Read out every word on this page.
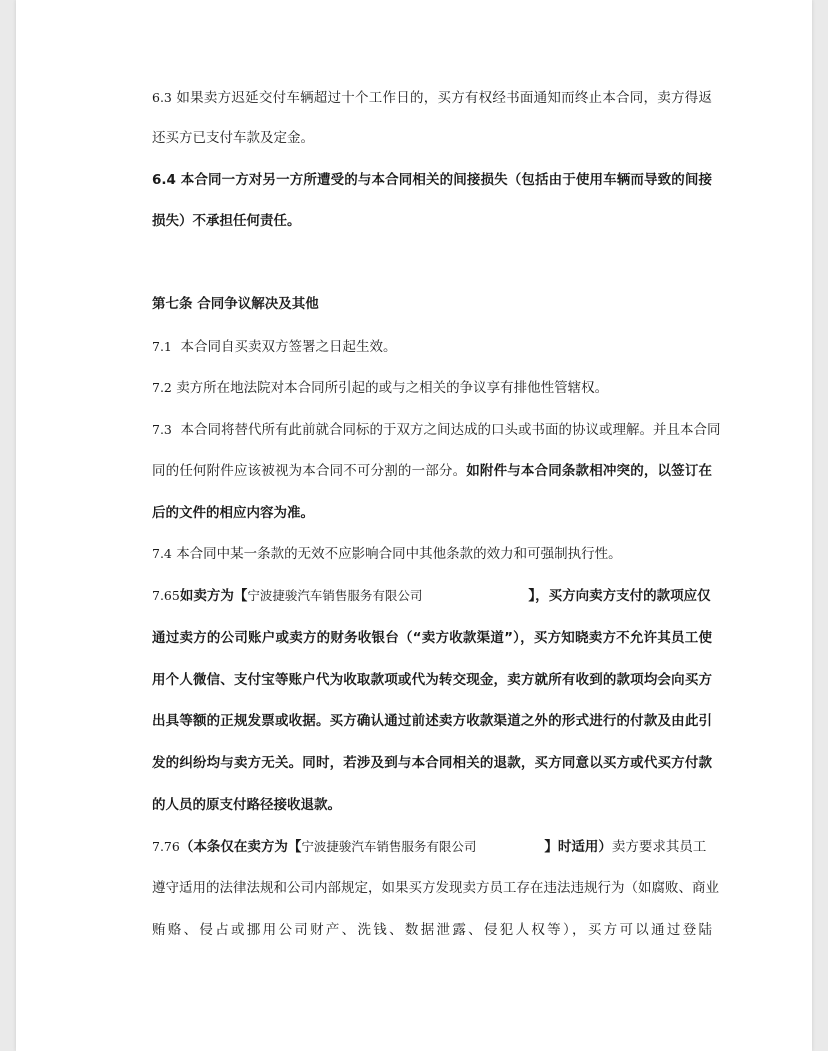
6.3 如果卖方迟延交付车辆超过十个工作日的，买方有权经书面通知而终止本合同，卖方得返
还买方已支付车款及定金。
6.4 本合同一方对另一方所遭受的与本合同相关的间接损失（包括由于使用车辆而导致的间接
损失）不承担任何责任。
第七条 合同争议解决及其他
7.1 本合同自买卖双方签署之日起生效。
7.2 卖方所在地法院对本合同所引起的或与之相关的争议享有排他性管辖权。
7.3 本合同将替代所有此前就合同标的于双方之间达成的口头或书面的协议或理解。并且本合同
同的任何附件应该被视为本合同不可分割的一部分。如附件与本合同条款相冲突的，以签订在
后的文件的相应内容为准。
7.4 本合同中某一条款的无效不应影响合同中其他条款的效力和可强制执行性。
7.65如卖方为【宁波捷骏汽车销售服务有限公司	】，买方向卖方支付的款项应仅
通过卖方的公司账户或卖方的财务收银台（“卖方收款渠道”），买方知晓卖方不允许其员工使
用个人微信、支付宝等账户代为收取款项或代为转交现金，卖方就所有收到的款项均会向买方
出具等额的正规发票或收据。买方确认通过前述卖方收款渠道之外的形式进行的付款及由此引
发的纠纷均与卖方无关。同时，若涉及到与本合同相关的退款，买方同意以买方或代买方付款
的人员的原支付路径接收退款。
7.76（本条仅在卖方为【宁波捷骏汽车销售服务有限公司	】时适用）卖方要求其员工
遵守适用的法律法规和公司内部规定，如果买方发现卖方员工存在违法违规行为（如腐败、商业
贿赂、侵占或挪用公司财产、洗钱、数据泄露、侵犯人权等），买方可以通过登陆
